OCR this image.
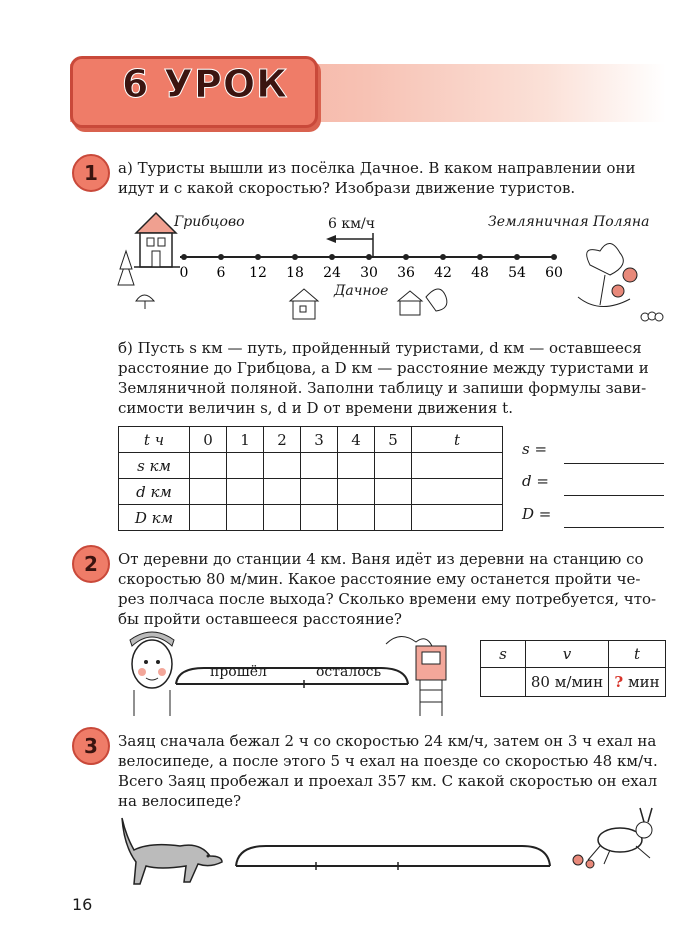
6 УРОК
1	а) Туристы вышли из посёлка Дачное. В каком направлении они

идут и с какой скоростью? Изобрази движение туристов.

0 6 12 18 24 30 36 42 48 54 60
Грибцово	Земляничная Поляна
6 км/ч
Дачное

б) Пусть s км — путь, пройденный туристами, d км — оставшееся

расстояние до Грибцова, а D км — расстояние между туристами и

Земляничной поляной. Заполни таблицу и запиши формулы зави-

симости величин s, d и D от времени движения t.

t ч	0	1	2	3	4	5	t
s км							
d км							
D км							
s =
d =
D =
2	От деревни до станции 4 км. Ваня идёт из деревни на станцию со

скоростью 80 м/мин. Какое расстояние ему останется пройти че-

рез полчаса после выхода? Сколько времени ему потребуется, что-

бы пройти оставшееся расстояние?

прошёл	осталось
s	v	t
	80 м/мин	? мин
3	Заяц сначала бежал 2 ч со скоростью 24 км/ч, затем он 3 ч ехал на

велосипеде, а после этого 5 ч ехал на поезде со скоростью 48 км/ч.

Всего Заяц пробежал и проехал 357 км. С какой скоростью он ехал

на велосипеде?

16
